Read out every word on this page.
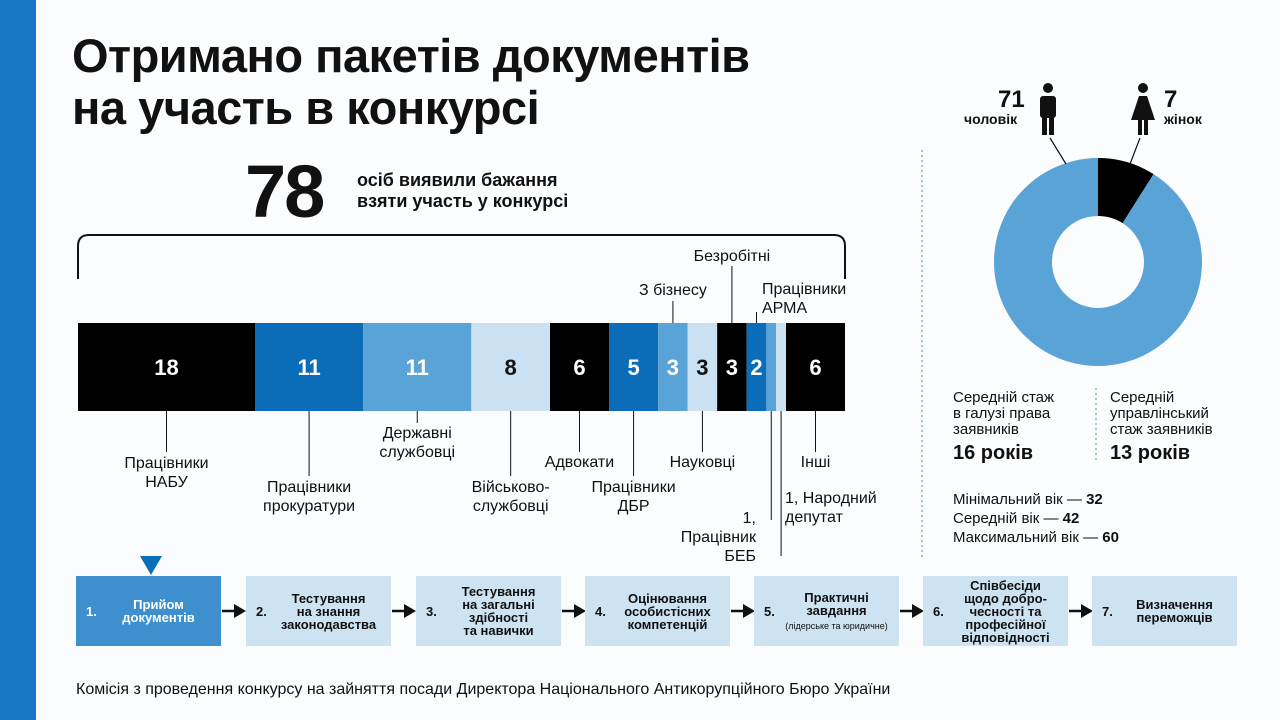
Отримано пакетів документів
на участь в конкурсі
78 осіб виявили бажання
взяти участь у конкурсі
18
Працівники
НАБУ
11
Працівники
прокуратури
11
Державні
службовці
8
Військово-
службовці
6
Адвокати
5
Працівники
ДБР
3
З бізнесу
3
Науковці
3
Безробітні
2
Працівники
АРМА
1,
Працівник
БЕБ
1, Народний
депутат
6
Інші
71
чоловік
7
жінок
Середній стаж
в галузі права
заявників
16 років
Середній
управлінський
стаж заявників
13 років
Мінімальний вік — 32
Середній вік — 42
Максимальний вік — 60
1.	Прийом
документів	2.
Тестування
на знання
законодавства
3.
Тестування
на загальні
здібності
та навички
4.
Оцінювання
особистісних
компетенцій
5.
Практичні
завдання
(лідерське та юридичне)
6.
Співбесіди
щодо добро-
чесності та
професійної
відповідності
7.	Визначення
переможців
Комісія з проведення конкурсу на зайняття посади Директора Національного Антикорупційного Бюро України
